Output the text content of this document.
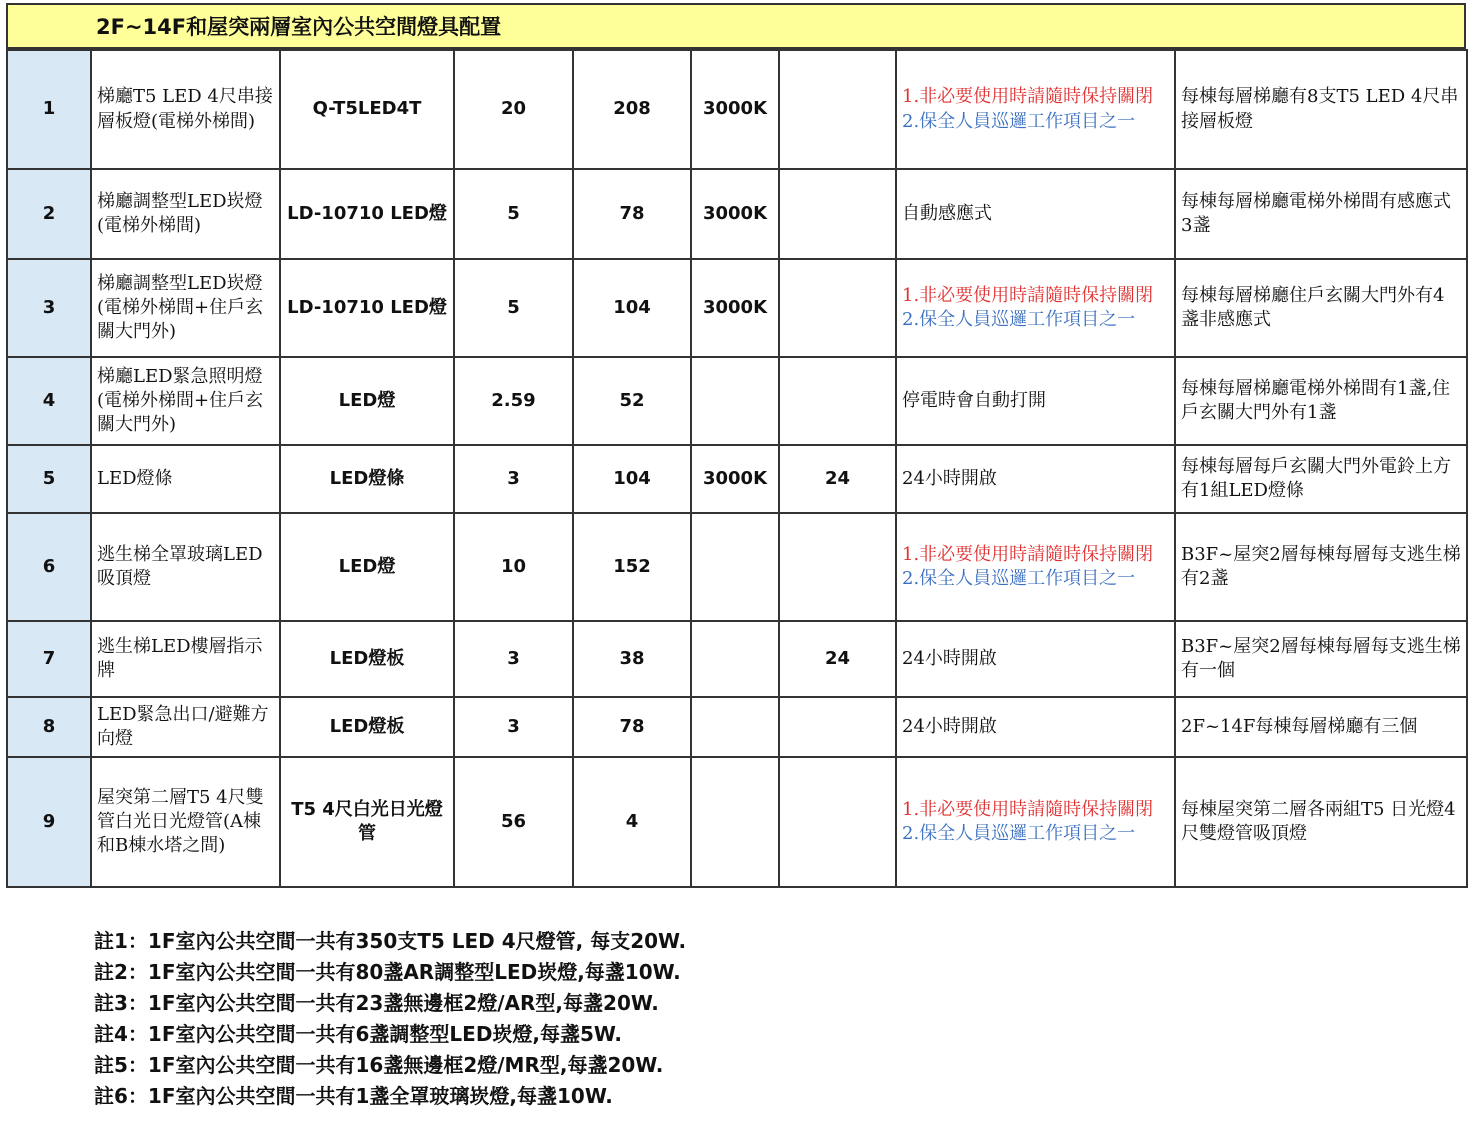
2F~14F和屋突兩層室內公共空間燈具配置
1	梯廳T5 LED 4尺串接層板燈(電梯外梯間)	Q-T5LED4T	20	208	3000K		1.非必要使用時請隨時保持關閉
2.保全人員巡邏工作項目之一	每棟每層梯廳有8支T5 LED 4尺串接層板燈
2	梯廳調整型LED崁燈(電梯外梯間)	LD-10710 LED燈	5	78	3000K		自動感應式	每棟每層梯廳電梯外梯間有感應式3盞
3	梯廳調整型LED崁燈(電梯外梯間+住戶玄關大門外)	LD-10710 LED燈	5	104	3000K		1.非必要使用時請隨時保持關閉
2.保全人員巡邏工作項目之一	每棟每層梯廳住戶玄關大門外有4盞非感應式
4	梯廳LED緊急照明燈(電梯外梯間+住戶玄關大門外)	LED燈	2.59	52			停電時會自動打開	每棟每層梯廳電梯外梯間有1盞,住戶玄關大門外有1盞
5	LED燈條	LED燈條	3	104	3000K	24	24小時開啟	每棟每層每戶玄關大門外電鈴上方有1組LED燈條
6	逃生梯全罩玻璃LED吸頂燈	LED燈	10	152			1.非必要使用時請隨時保持關閉
2.保全人員巡邏工作項目之一	B3F~屋突2層每棟每層每支逃生梯有2盞
7	逃生梯LED樓層指示牌	LED燈板	3	38		24	24小時開啟	B3F~屋突2層每棟每層每支逃生梯有一個
8	LED緊急出口/避難方向燈	LED燈板	3	78			24小時開啟	2F~14F每棟每層梯廳有三個
9	屋突第二層T5 4尺雙管白光日光燈管(A棟和B棟水塔之間)	T5 4尺白光日光燈管	56	4			1.非必要使用時請隨時保持關閉
2.保全人員巡邏工作項目之一	每棟屋突第二層各兩組T5 日光燈4尺雙燈管吸頂燈
註1：1F室內公共空間一共有350支T5 LED 4尺燈管, 每支20W.
註2：1F室內公共空間一共有80盞AR調整型LED崁燈,每盞10W.
註3：1F室內公共空間一共有23盞無邊框2燈/AR型,每盞20W.
註4：1F室內公共空間一共有6盞調整型LED崁燈,每盞5W.
註5：1F室內公共空間一共有16盞無邊框2燈/MR型,每盞20W.
註6：1F室內公共空間一共有1盞全罩玻璃崁燈,每盞10W.
